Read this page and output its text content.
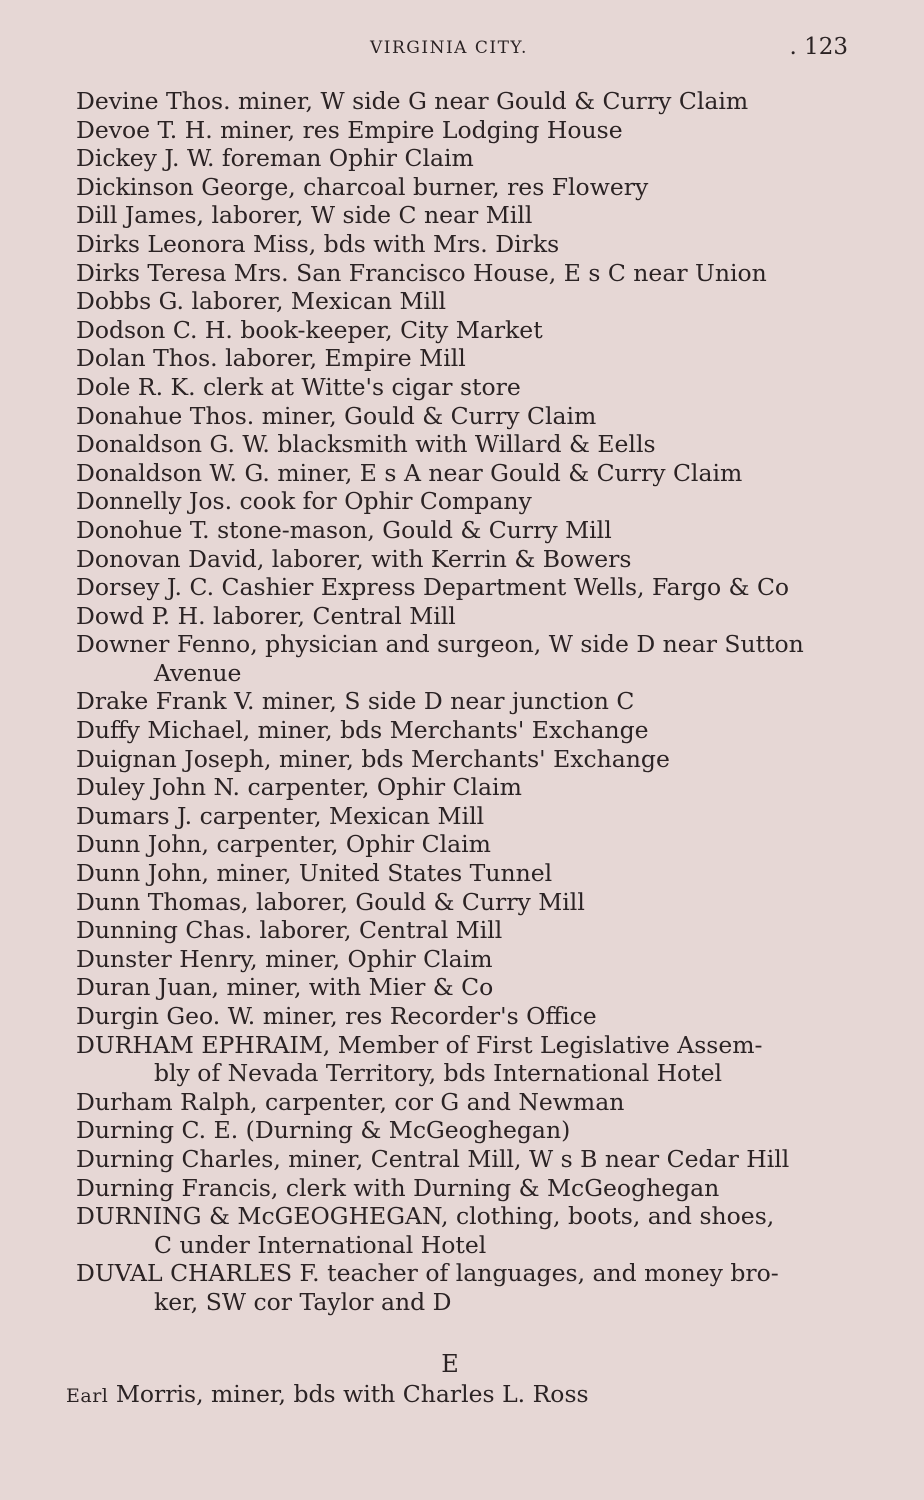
VIRGINIA CITY.	. 123
Devine Thos. miner, W side G near Gould & Curry Claim
Devoe T. H. miner, res Empire Lodging House
Dickey J. W. foreman Ophir Claim
Dickinson George, charcoal burner, res Flowery
Dill James, laborer, W side C near Mill
Dirks Leonora Miss, bds with Mrs. Dirks
Dirks Teresa Mrs. San Francisco House, E s C near Union
Dobbs G. laborer, Mexican Mill
Dodson C. H. book-keeper, City Market
Dolan Thos. laborer, Empire Mill
Dole R. K. clerk at Witte's cigar store
Donahue Thos. miner, Gould & Curry Claim
Donaldson G. W. blacksmith with Willard & Eells
Donaldson W. G. miner, E s A near Gould & Curry Claim
Donnelly Jos. cook for Ophir Company
Donohue T. stone-mason, Gould & Curry Mill
Donovan David, laborer, with Kerrin & Bowers
Dorsey J. C. Cashier Express Department Wells, Fargo & Co
Dowd P. H. laborer, Central Mill
Downer Fenno, physician and surgeon, W side D near Sutton
Avenue
Drake Frank V. miner, S side D near junction C
Duffy Michael, miner, bds Merchants' Exchange
Duignan Joseph, miner, bds Merchants' Exchange
Duley John N. carpenter, Ophir Claim
Dumars J. carpenter, Mexican Mill
Dunn John, carpenter, Ophir Claim
Dunn John, miner, United States Tunnel
Dunn Thomas, laborer, Gould & Curry Mill
Dunning Chas. laborer, Central Mill
Dunster Henry, miner, Ophir Claim
Duran Juan, miner, with Mier & Co
Durgin Geo. W. miner, res Recorder's Office
DURHAM EPHRAIM, Member of First Legislative Assem-
bly of Nevada Territory, bds International Hotel
Durham Ralph, carpenter, cor G and Newman
Durning C. E. (Durning & McGeoghegan)
Durning Charles, miner, Central Mill, W s B near Cedar Hill
Durning Francis, clerk with Durning & McGeoghegan
DURNING & McGEOGHEGAN, clothing, boots, and shoes,
C under International Hotel
DUVAL CHARLES F. teacher of languages, and money bro-
ker, SW cor Taylor and D
E
Earl Morris, miner, bds with Charles L. Ross
